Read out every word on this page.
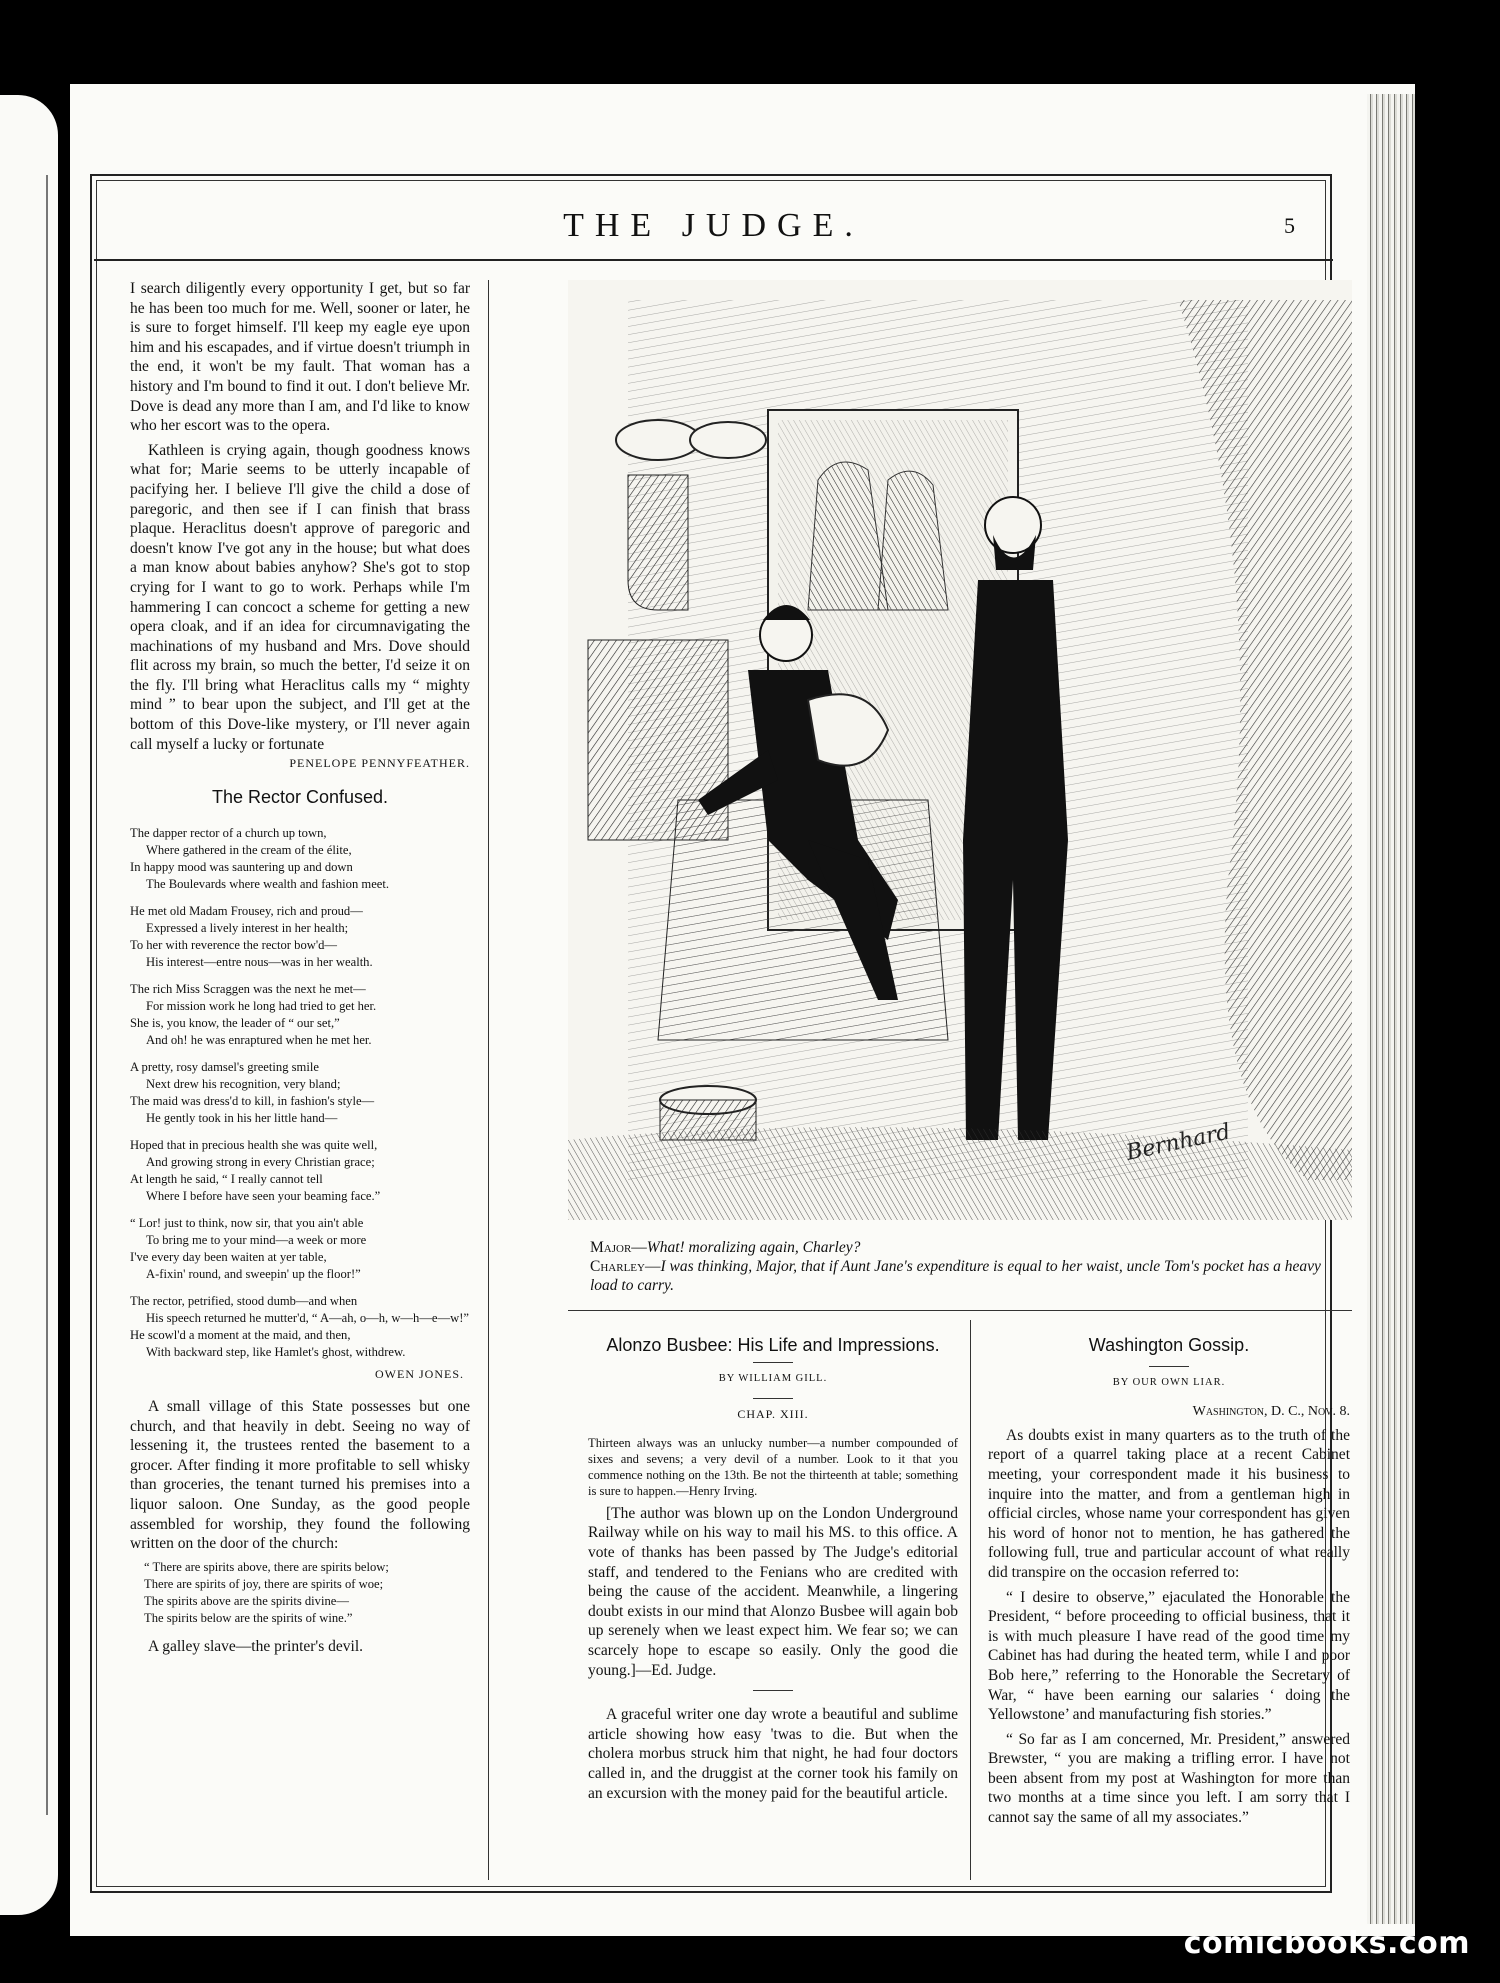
THE JUDGE.	5

I search diligently every opportunity I get, but so far he has been too much for me. Well, sooner or later, he is sure to forget himself. I'll keep my eagle eye upon him and his escapades, and if virtue doesn't triumph in the end, it won't be my fault. That woman has a history and I'm bound to find it out. I don't believe Mr. Dove is dead any more than I am, and I'd like to know who her escort was to the opera.

Kathleen is crying again, though goodness knows what for; Marie seems to be utterly incapable of pacifying her. I believe I'll give the child a dose of paregoric, and then see if I can finish that brass plaque. Heraclitus doesn't approve of paregoric and doesn't know I've got any in the house; but what does a man know about babies anyhow? She's got to stop crying for I want to go to work. Perhaps while I'm hammering I can concoct a scheme for getting a new opera cloak, and if an idea for circumnavigating the machinations of my husband and Mrs. Dove should flit across my brain, so much the better, I'd seize it on the fly. I'll bring what Heraclitus calls my “ mighty mind ” to bear upon the subject, and I'll get at the bottom of this Dove-like mystery, or I'll never again call myself a lucky or fortunate
PENELOPE PENNYFEATHER.

The Rector Confused.
The dapper rector of a church up town,
Where gathered in the cream of the élite,
In happy mood was sauntering up and down
The Boulevards where wealth and fashion meet.
He met old Madam Frousey, rich and proud—
Expressed a lively interest in her health;
To her with reverence the rector bow'd—
His interest—entre nous—was in her wealth.
The rich Miss Scraggen was the next he met—
For mission work he long had tried to get her.
She is, you know, the leader of “ our set,”
And oh! he was enraptured when he met her.
A pretty, rosy damsel's greeting smile
Next drew his recognition, very bland;
The maid was dress'd to kill, in fashion's style—
He gently took in his her little hand—
Hoped that in precious health she was quite well,
And growing strong in every Christian grace;
At length he said, “ I really cannot tell
Where I before have seen your beaming face.”
“ Lor! just to think, now sir, that you ain't able
To bring me to your mind—a week or more
I've every day been waiten at yer table,
A-fixin' round, and sweepin' up the floor!”
The rector, petrified, stood dumb—and when
His speech returned he mutter'd, “ A—ah, o—h, w—h—e—w!”
He scowl'd a moment at the maid, and then,
With backward step, like Hamlet's ghost, withdrew.
OWEN JONES.

A small village of this State possesses but one church, and that heavily in debt. Seeing no way of lessening it, the trustees rented the basement to a grocer. After finding it more profitable to sell whisky than groceries, the tenant turned his premises into a liquor saloon. One Sunday, as the good people assembled for worship, they found the following written on the door of the church:

“ There are spirits above, there are spirits below;
There are spirits of joy, there are spirits of woe;
The spirits above are the spirits divine—
The spirits below are the spirits of wine.”

A galley slave—the printer's devil.

Bernhard
Major—What! moralizing again, Charley?
Charley—I was thinking, Major, that if Aunt Jane's expenditure is equal to her waist, uncle Tom's pocket has a heavy load to carry.
Alonzo Busbee: His Life and Impressions.
BY WILLIAM GILL.
CHAP. XIII.

Thirteen always was an unlucky number—a number compounded of sixes and sevens; a very devil of a number. Look to it that you commence nothing on the 13th. Be not the thirteenth at table; something is sure to happen.—Henry Irving.

[The author was blown up on the London Underground Railway while on his way to mail his MS. to this office. A vote of thanks has been passed by The Judge's editorial staff, and tendered to the Fenians who are credited with being the cause of the accident. Meanwhile, a lingering doubt exists in our mind that Alonzo Busbee will again bob up serenely when we least expect him. We fear so; we can scarcely hope to escape so easily. Only the good die young.]—Ed. Judge.

A graceful writer one day wrote a beautiful and sublime article showing how easy 'twas to die. But when the cholera morbus struck him that night, he had four doctors called in, and the druggist at the corner took his family on an excursion with the money paid for the beautiful article.

Washington Gossip.
BY OUR OWN LIAR.
Washington, D. C., Nov. 8.

As doubts exist in many quarters as to the truth of the report of a quarrel taking place at a recent Cabinet meeting, your correspondent made it his business to inquire into the matter, and from a gentleman high in official circles, whose name your correspondent has given his word of honor not to mention, he has gathered the following full, true and particular account of what really did transpire on the occasion referred to:

“ I desire to observe,” ejaculated the Honorable the President, “ before proceeding to official business, that it is with much pleasure I have read of the good time my Cabinet has had during the heated term, while I and poor Bob here,” referring to the Honorable the Secretary of War, “ have been earning our salaries ‘ doing the Yellowstone’ and manufacturing fish stories.”

“ So far as I am concerned, Mr. President,” answered Brewster, “ you are making a trifling error. I have not been absent from my post at Washington for more than two months at a time since you left. I am sorry that I cannot say the same of all my associates.”

comicbooks.com
